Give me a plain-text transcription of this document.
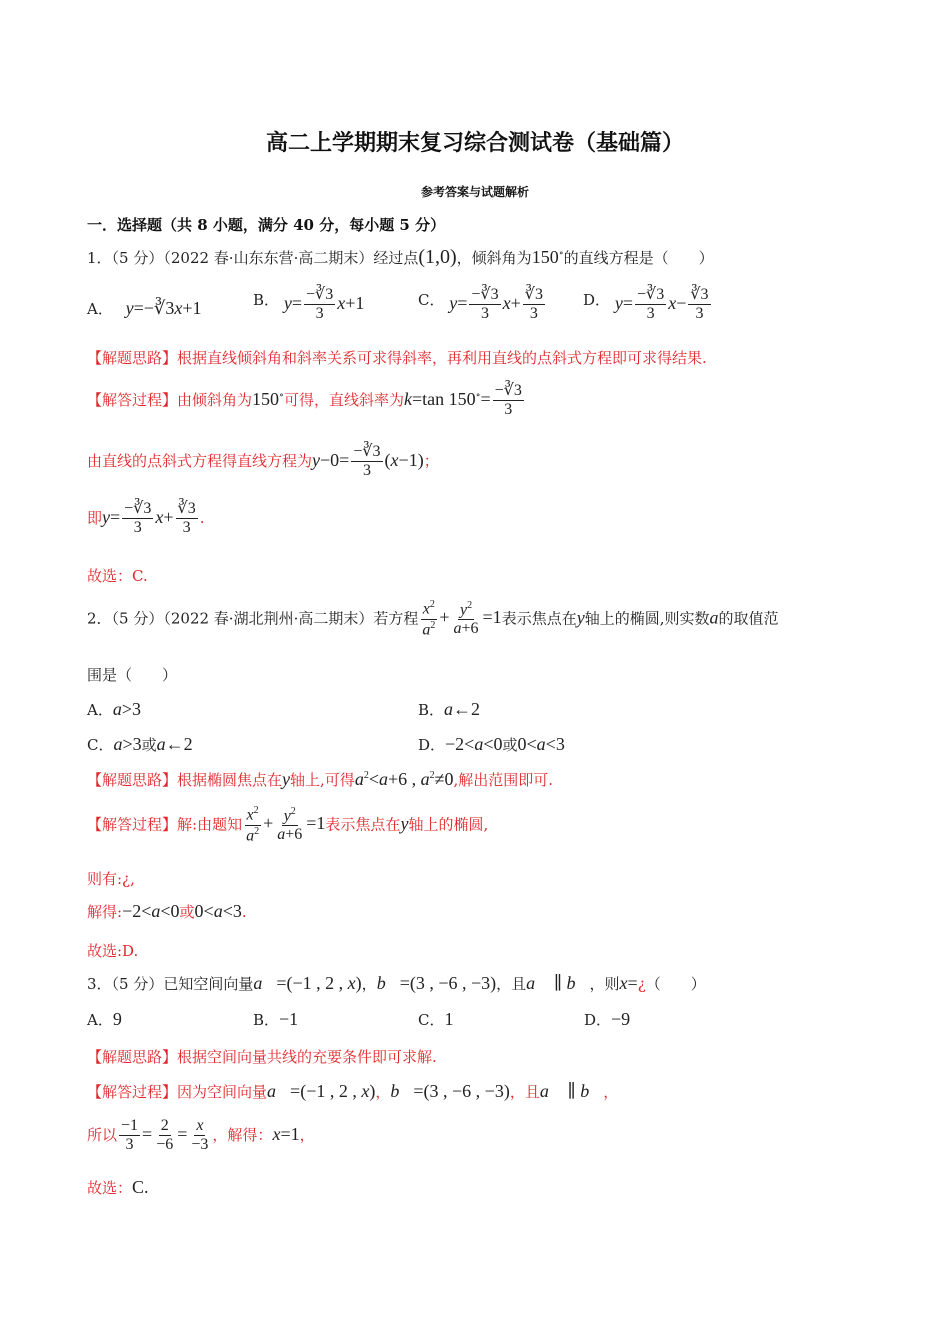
高二上学期期末复习综合测试卷（基础篇）
参考答案与试题解析
一．选择题（共 8 小题，满分 40 分，每小题 5 分）
1．（5 分）（2022 春·山东东营·高二期末）经过点(1,0)，倾斜角为150∘的直线方程是（　　）
A． y=−∛3x+1	B． $y= \frac{-∛3}{3} x+1$	C． $y= \frac{-∛3}{3} x+ \frac{∛3}{3}$	D． $y= \frac{-∛3}{3} x- \frac{∛3}{3}$
【解题思路】根据直线倾斜角和斜率关系可求得斜率，再利用直线的点斜式方程即可求得结果.
【解答过程】由倾斜角为150∘可得，直线斜率为k=tan $150^\circ= \frac{-∛3}{3}$
由直线的点斜式方程得直线方程为$y-0= \frac{-∛3}{3} (x-1)$；
即$y= \frac{-∛3}{3} x+ \frac{∛3}{3}$ .
故选：C.
2．（5 分）（2022 春·湖北荆州·高二期末）若方程 $\frac{x^2}{a^2} + \frac{y^2}{a+6} =1$表示焦点在y轴上的椭圆,则实数a的取值范
围是（　　）
A．a>3	B．a←2
C．a>3或a←2	D．−2<a<0或0<a<3
【解题思路】根据椭圆焦点在y轴上,可得$a^2<a+6$ , $a^2\ne 0$,解出范围即可.
【解答过程】解:由题知 $\frac{x^2}{a^2} + \frac{y^2}{a+6} =1$表示焦点在y轴上的椭圆,
则有:¿,
解得:−2<a<0或0<a<3.
故选:D.
3．（5 分）已知空间向量a⃗=(−1 , 2 , x)，b⃗=(3 , −6 , −3)，且a⃗ ∥ b⃗，则x=¿（　　）
A．9	B．−1	C．1	D．−9
【解题思路】根据空间向量共线的充要条件即可求解.
【解答过程】因为空间向量a⃗=(−1 , 2 , x)，b⃗=(3 , −6 , −3)，且a⃗ ∥ b⃗，
所以 $\frac{-1}{3} = \frac{2}{-6} = \frac{x}{-3}$ ，解得：x=1，
故选：C.
